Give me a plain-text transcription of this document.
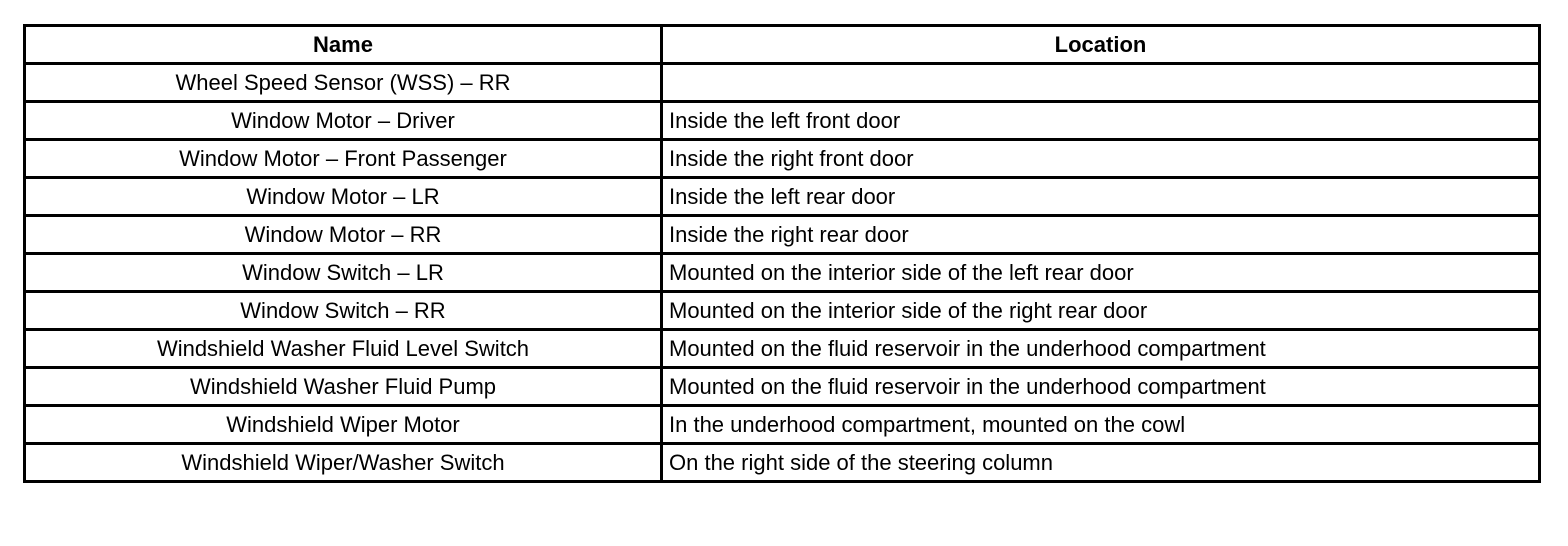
Name	Location
Wheel Speed Sensor (WSS) – RR	
Window Motor – Driver	Inside the left front door
Window Motor – Front Passenger	Inside the right front door
Window Motor – LR	Inside the left rear door
Window Motor – RR	Inside the right rear door
Window Switch – LR	Mounted on the interior side of the left rear door
Window Switch – RR	Mounted on the interior side of the right rear door
Windshield Washer Fluid Level Switch	Mounted on the fluid reservoir in the underhood compartment
Windshield Washer Fluid Pump	Mounted on the fluid reservoir in the underhood compartment
Windshield Wiper Motor	In the underhood compartment, mounted on the cowl
Windshield Wiper/Washer Switch	On the right side of the steering column
